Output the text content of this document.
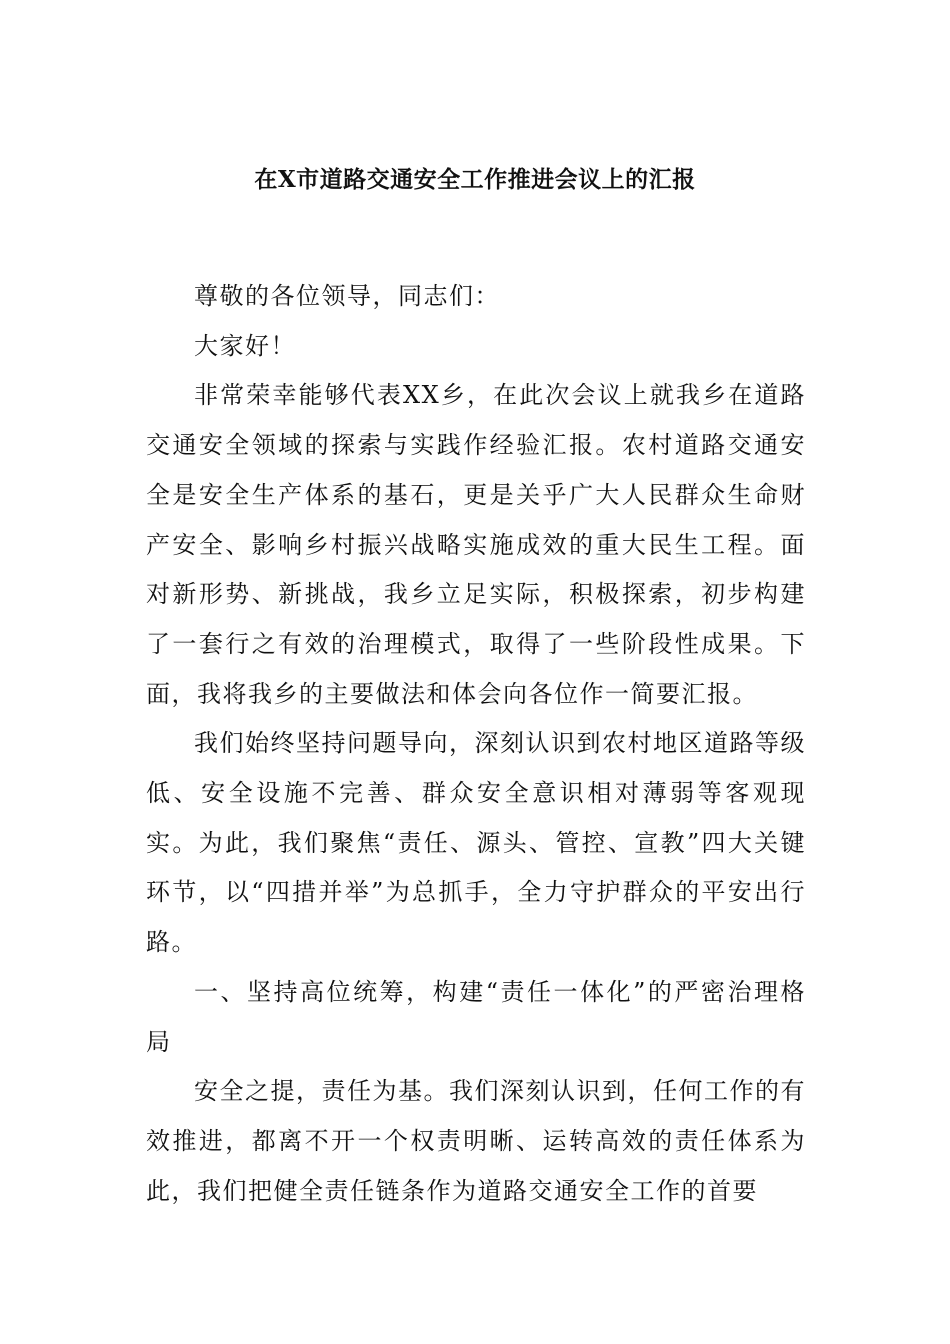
在X市道路交通安全工作推进会议上的汇报

尊敬的各位领导，同志们：

大家好！

非常荣幸能够代表XX乡，在此次会议上就我乡在道路交通安全领域的探索与实践作经验汇报。农村道路交通安全是安全生产体系的基石，更是关乎广大人民群众生命财产安全、影响乡村振兴战略实施成效的重大民生工程。面对新形势、新挑战，我乡立足实际，积极探索，初步构建了一套行之有效的治理模式，取得了一些阶段性成果。下面，我将我乡的主要做法和体会向各位作一简要汇报。

我们始终坚持问题导向，深刻认识到农村地区道路等级低、安全设施不完善、群众安全意识相对薄弱等客观现实。为此，我们聚焦“责任、源头、管控、宣教”四大关键环节，以“四措并举”为总抓手，全力守护群众的平安出行路。

一、坚持高位统筹，构建“责任一体化”的严密治理格局

安全之提，责任为基。我们深刻认识到，任何工作的有效推进，都离不开一个权责明晰、运转高效的责任体系为此，我们把健全责任链条作为道路交通安全工作的首要
